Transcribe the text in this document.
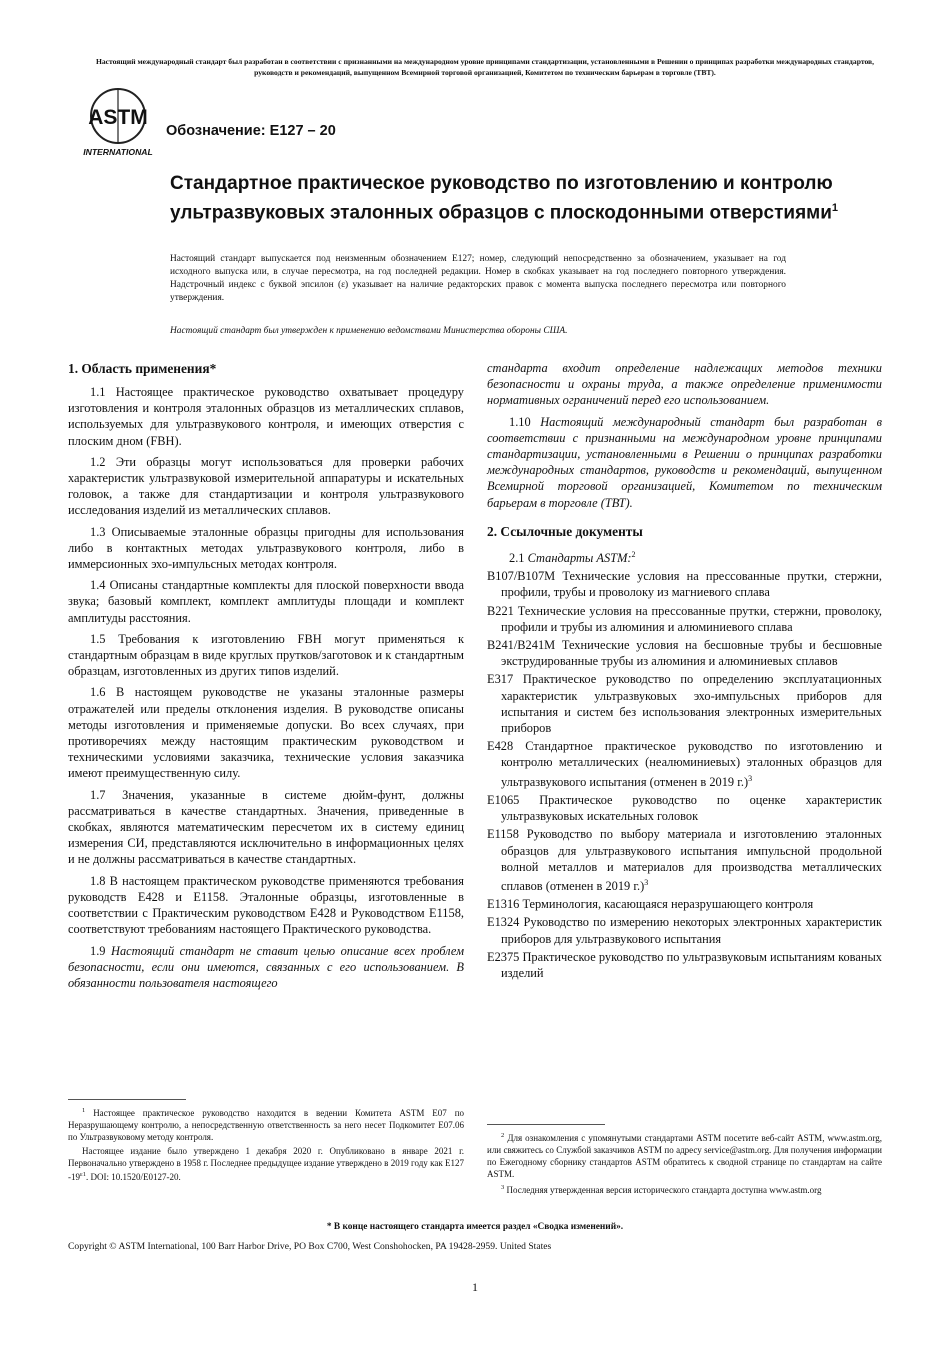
Настоящий международный стандарт был разработан в соответствии с признанными на международном уровне принципами стандартизации, установленными в Решении о принципах разработки международных стандартов, руководств и рекомендаций, выпущенном Всемирной торговой организацией, Комитетом по техническим барьерам в торговле (ТВТ).
ASTM
INTERNATIONAL
Обозначение: E127 – 20
Стандартное практическое руководство по изготовлению и контролю ультразвуковых эталонных образцов с плоскодонными отверстиями$^1$
Настоящий стандарт выпускается под неизменным обозначением E127; номер, следующий непосредственно за обозначением, указывает на год исходного выпуска или, в случае пересмотра, на год последней редакции. Номер в скобках указывает на год последнего повторного утверждения. Надстрочный индекс с буквой эпсилон (ε) указывает на наличие редакторских правок с момента выпуска последнего пересмотра или повторного утверждения.
Настоящий стандарт был утвержден к применению ведомствами Министерства обороны США.
1. Область применения*

1.1 Настоящее практическое руководство охватывает процедуру изготовления и контроля эталонных образцов из металлических сплавов, используемых для ультразвукового контроля, и имеющих отверстия с плоским дном (FBH).

1.2 Эти образцы могут использоваться для проверки рабочих характеристик ультразвуковой измерительной аппаратуры и искательных головок, а также для стандартизации и контроля ультразвукового исследования изделий из металлических сплавов.

1.3 Описываемые эталонные образцы пригодны для использования либо в контактных методах ультразвукового контроля, либо в иммерсионных эхо-импульсных методах контроля.

1.4 Описаны стандартные комплекты для плоской поверхности ввода звука; базовый комплект, комплект амплитуды площади и комплект амплитуды расстояния.

1.5 Требования к изготовлению FBH могут применяться к стандартным образцам в виде круглых прутков/заготовок и к стандартным образцам, изготовленных из других типов изделий.

1.6 В настоящем руководстве не указаны эталонные размеры отражателей или пределы отклонения изделия. В руководстве описаны методы изготовления и применяемые допуски. Во всех случаях, при противоречиях между настоящим практическим руководством и техническими условиями заказчика, технические условия заказчика имеют преимущественную силу.

1.7 Значения, указанные в системе дюйм-фунт, должны рассматриваться в качестве стандартных. Значения, приведенные в скобках, являются математическим пересчетом их в систему единиц измерения СИ, представляются исключительно в информационных целях и не должны рассматриваться в качестве стандартных.

1.8 В настоящем практическом руководстве применяются требования руководств E428 и E1158. Эталонные образцы, изготовленные в соответствии с Практическим руководством E428 и Руководством E1158, соответствуют требованиям настоящего Практического руководства.

1.9 Настоящий стандарт не ставит целью описание всех проблем безопасности, если они имеются, связанных с его использованием. В обязанности пользователя настоящего

стандарта входит определение надлежащих методов техники безопасности и охраны труда, а также определение применимости нормативных ограничений перед его использованием.

1.10 Настоящий международный стандарт был разработан в соответствии с признанными на международном уровне принципами стандартизации, установленными в Решении о принципах разработки международных стандартов, руководств и рекомендаций, выпущенном Всемирной торговой организацией, Комитетом по техническим барьерам в торговле (ТВТ).

2. Ссылочные документы

2.1 Стандарты ASTM:$^2$

B107/B107M Технические условия на прессованные прутки, стержни, профили, трубы и проволоку из магниевого сплава
B221 Технические условия на прессованные прутки, стержни, проволоку, профили и трубы из алюминия и алюминиевого сплава
B241/B241M Технические условия на бесшовные трубы и бесшовные экструдированные трубы из алюминия и алюминиевых сплавов
E317 Практическое руководство по определению эксплуатационных характеристик ультразвуковых эхо-импульсных приборов для испытания и систем без использования электронных измерительных приборов
E428 Стандартное практическое руководство по изготовлению и контролю металлических (неалюминиевых) эталонных образцов для ультразвукового испытания (отменен в 2019 г.)$^3$
E1065 Практическое руководство по оценке характеристик ультразвуковых искательных головок
E1158 Руководство по выбору материала и изготовлению эталонных образцов для ультразвукового испытания импульсной продольной волной металлов и материалов для производства металлических сплавов (отменен в 2019 г.)$^3$
E1316 Терминология, касающаяся неразрушающего контроля
E1324 Руководство по измерению некоторых электронных характеристик приборов для ультразвукового испытания
E2375 Практическое руководство по ультразвуковым испытаниям кованых изделий

$^1$ Настоящее практическое руководство находится в ведении Комитета ASTM E07 по Неразрушающему контролю, а непосредственную ответственность за него несет Подкомитет E07.06 по Ультразвуковому методу контроля.

Настоящее издание было утверждено 1 декабря 2020 г. Опубликовано в январе 2021 г. Первоначально утверждено в 1958 г. Последнее предыдущее издание утверждено в 2019 году как E127 $-19^{\varepsilon 1}$. DOI: 10.1520/E0127-20.

$^2$ Для ознакомления с упомянутыми стандартами ASTM посетите веб-сайт ASTM, www.astm.org, или свяжитесь со Службой заказчиков ASTM по адресу service@astm.org. Для получения информации по Ежегодному сборнику стандартов ASTM обратитесь к сводной странице по стандартам на сайте ASTM.

$^3$ Последняя утвержденная версия исторического стандарта доступна www.astm.org

* В конце настоящего стандарта имеется раздел «Сводка изменений».
Copyright © ASTM International, 100 Barr Harbor Drive, PO Box C700, West Conshohocken, PA 19428-2959. United States
1
